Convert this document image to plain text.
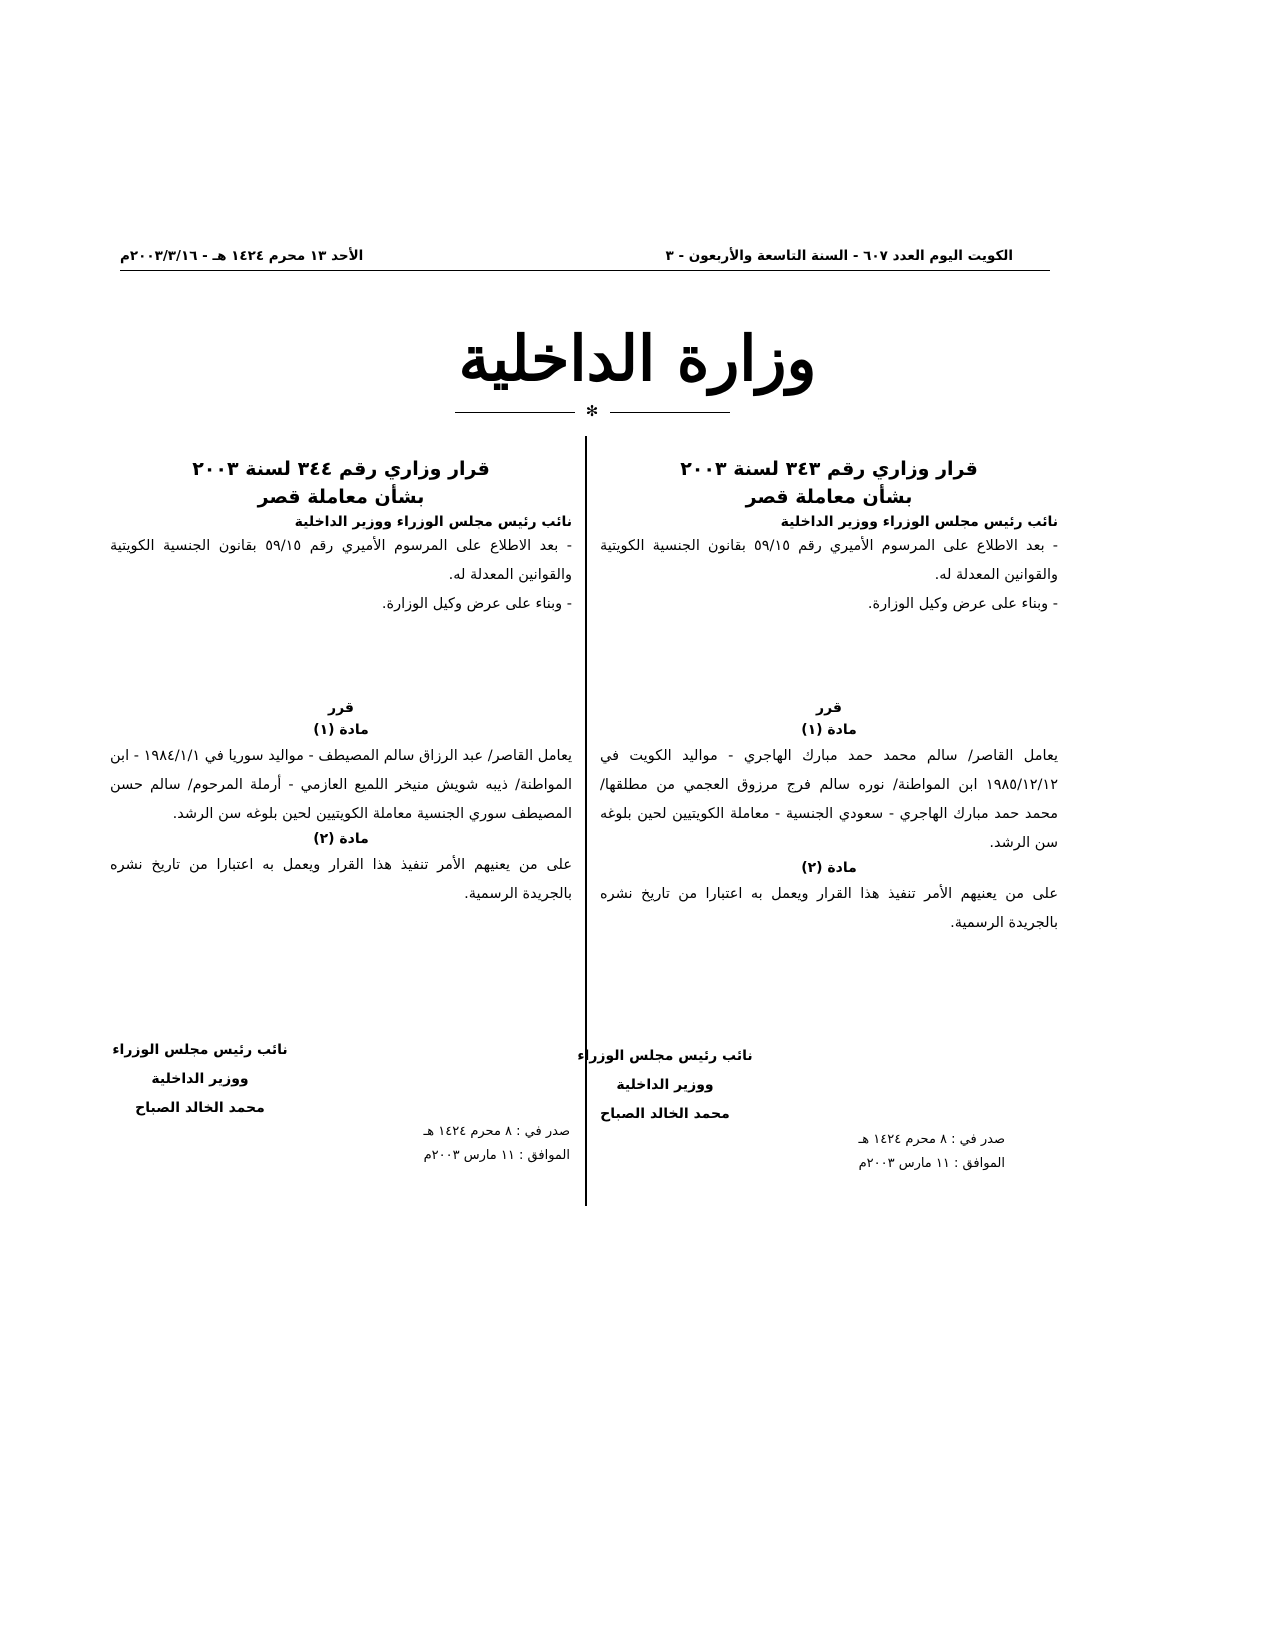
الكويت اليوم العدد ٦٠٧ - السنة التاسعة والأربعون - ٣
الأحد ١٣ محرم ١٤٢٤ هـ - ٢٠٠٣/٣/١٦م
وزارة الداخلية
✻
قرار وزاري رقم ٣٤٣ لسنة ٢٠٠٣
بشأن معاملة قصر
نائب رئيس مجلس الوزراء ووزير الداخلية
- بعد الاطلاع على المرسوم الأميري رقم ٥٩/١٥ بقانون الجنسية الكويتية والقوانين المعدلة له.
- وبناء على عرض وكيل الوزارة.
قرر
مادة (١)
يعامل القاصر/ سالم محمد حمد مبارك الهاجري - مواليد الكويت في ١٩٨٥/١٢/١٢ ابن المواطنة/ نوره سالم فرج مرزوق العجمي من مطلقها/ محمد حمد مبارك الهاجري - سعودي الجنسية - معاملة الكويتيين لحين بلوغه سن الرشد.
مادة (٢)
على من يعنيهم الأمر تنفيذ هذا القرار ويعمل به اعتبارا من تاريخ نشره بالجريدة الرسمية.
نائب رئيس مجلس الوزراء
ووزير الداخلية
محمد الخالد الصباح
صدر في : ٨ محرم ١٤٢٤ هـ
الموافق : ١١ مارس ٢٠٠٣م
قرار وزاري رقم ٣٤٤ لسنة ٢٠٠٣
بشأن معاملة قصر
نائب رئيس مجلس الوزراء ووزير الداخلية
- بعد الاطلاع على المرسوم الأميري رقم ٥٩/١٥ بقانون الجنسية الكويتية والقوانين المعدلة له.
- وبناء على عرض وكيل الوزارة.
قرر
مادة (١)
يعامل القاصر/ عبد الرزاق سالم المصيطف - مواليد سوريا في ١٩٨٤/١/١ - ابن المواطنة/ ذيبه شويش منيخر اللميع العازمي - أرملة المرحوم/ سالم حسن المصيطف سوري الجنسية معاملة الكويتيين لحين بلوغه سن الرشد.
مادة (٢)
على من يعنيهم الأمر تنفيذ هذا القرار ويعمل به اعتبارا من تاريخ نشره بالجريدة الرسمية.
نائب رئيس مجلس الوزراء
ووزير الداخلية
محمد الخالد الصباح
صدر في : ٨ محرم ١٤٢٤ هـ
الموافق : ١١ مارس ٢٠٠٣م
